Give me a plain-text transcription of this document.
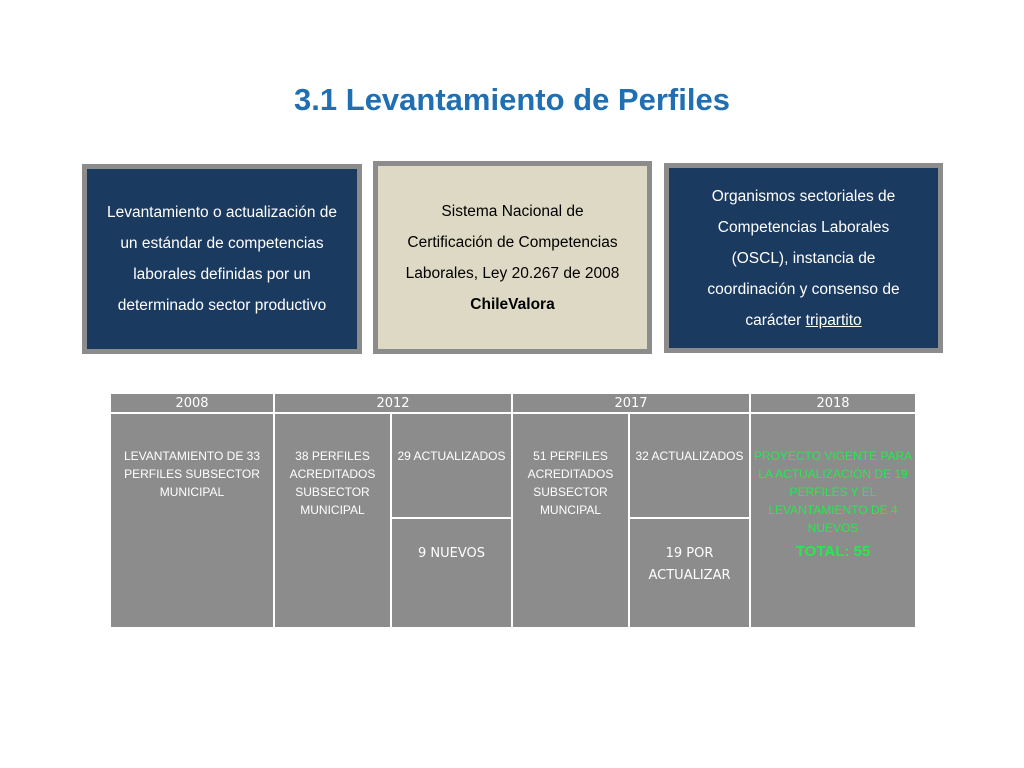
3.1 Levantamiento de Perfiles
Levantamiento o actualización de
un estándar de competencias
laborales definidas por un
determinado sector productivo
Sistema Nacional de
Certificación de Competencias
Laborales, Ley 20.267 de 2008
ChileValora
Organismos sectoriales de
Competencias Laborales
(OSCL), instancia de
coordinación y consenso de
carácter tripartito
2008	2012		2017		2018
LEVANTAMIENTO DE 33 PERFILES SUBSECTOR MUNICIPAL	38 PERFILES ACREDITADOS SUBSECTOR MUNICIPAL	29 ACTUALIZADOS	51 PERFILES ACREDITADOS SUBSECTOR MUNCIPAL	32 ACTUALIZADOS	PROYECTO VIGENTE PARA LA ACTUALIZACIÓN DE 19 PERFILES Y EL LEVANTAMIENTO DE 4 NUEVOS
TOTAL: 55

		9 NUEVOS		19 POR ACTUALIZAR	
